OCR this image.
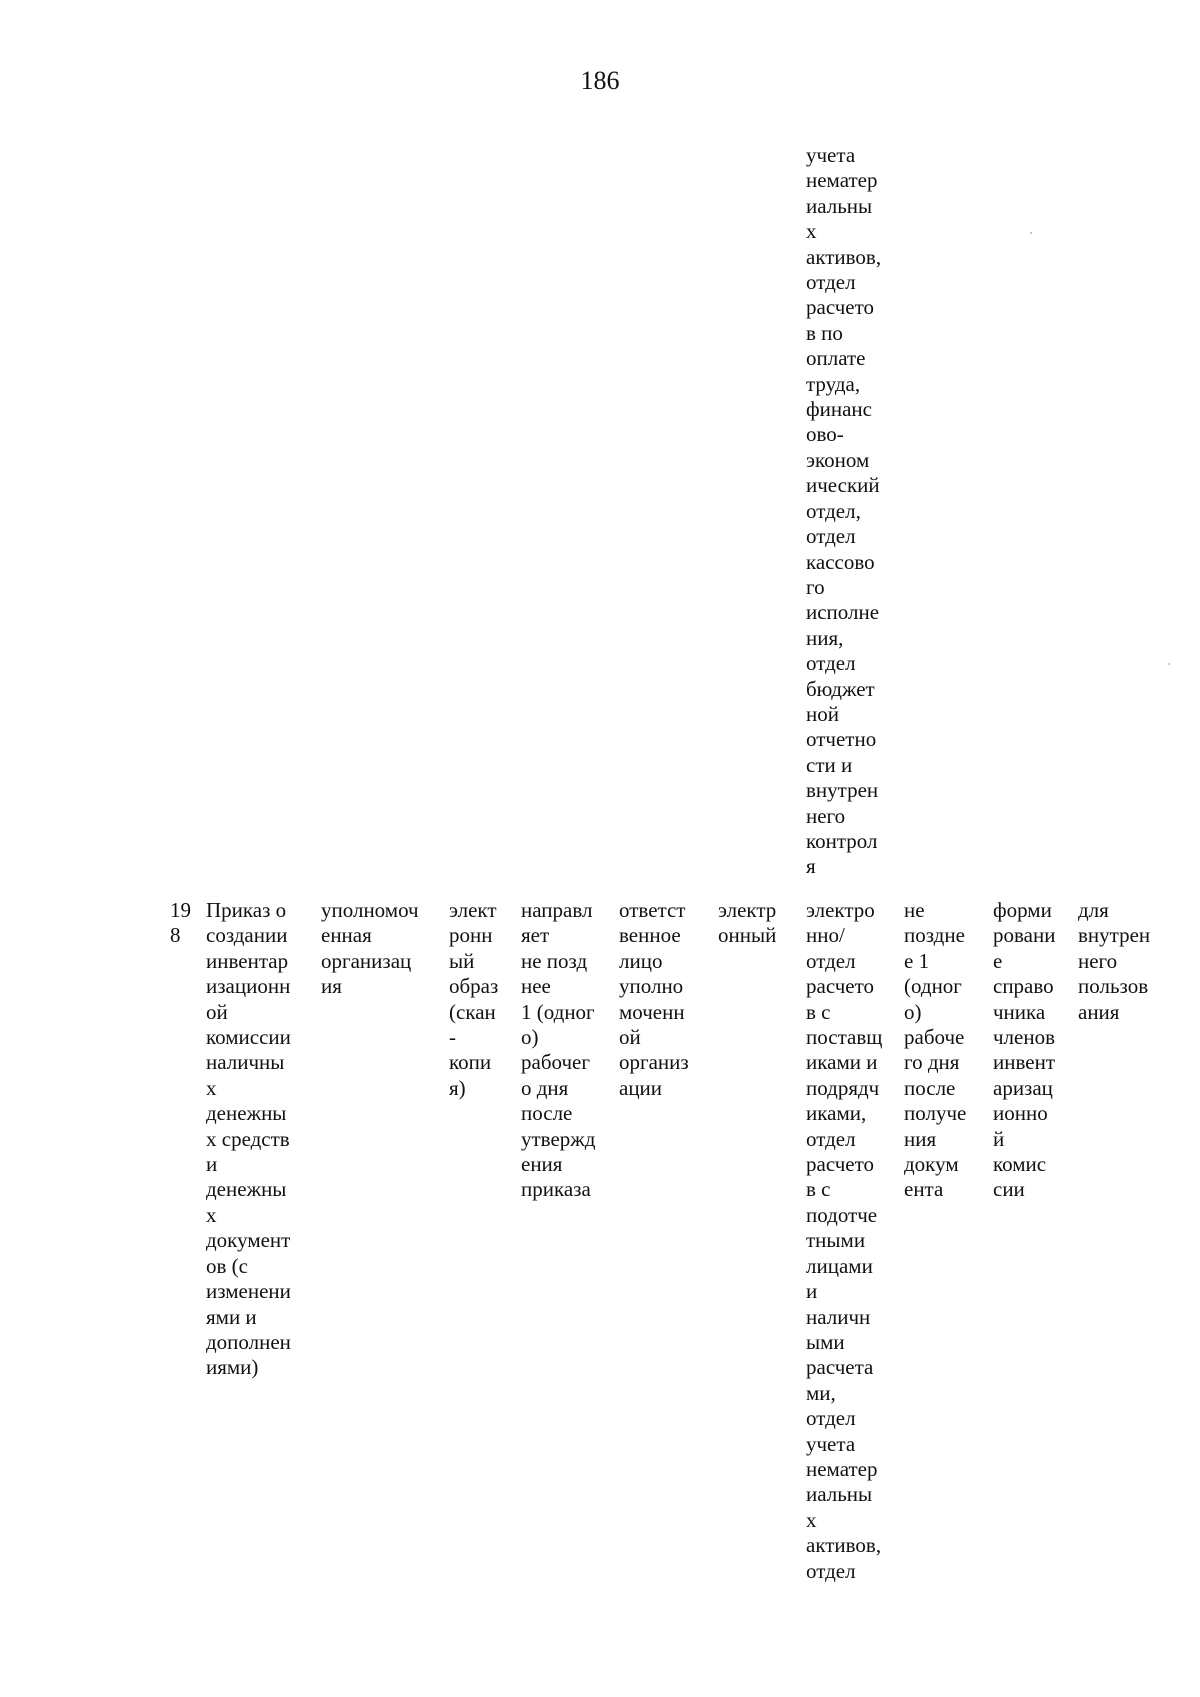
186
учета
нематер
иальны
х
активов,
отдел
расчето
в по
оплате
труда,
финанс
ово-
эконом
ический
отдел,
отдел
кассово
го
исполне
ния,
отдел
бюджет
ной
отчетно
сти и
внутрен
него
контрол
я
19
8
Приказ о
создании
инвентар
изационн
ой
комиссии
наличны
х
денежны
х средств
и
денежны
х
документ
ов (с
изменени
ями и
дополнен
иями)
уполномоч
енная
организац
ия
элект
ронн
ый
образ
(скан
-
копи
я)
направл
яет
не позд
нее
1 (одног
о)
рабочег
о дня
после
утвержд
ения
приказа
ответст
венное
лицо
уполно
моченн
ой
организ
ации
электр
онный
электро
нно/
отдел
расчето
в с
поставщ
иками и
подрядч
иками,
отдел
расчето
в с
подотче
тными
лицами
и
наличн
ыми
расчета
ми,
отдел
учета
нематер
иальны
х
активов,
отдел
не
поздне
е 1
(одног
о)
рабоче
го дня
после
получе
ния
докум
ента
форми
ровани
е
справо
чника
членов
инвент
аризац
ионно
й
комис
сии
для
внутрен
него
пользов
ания
